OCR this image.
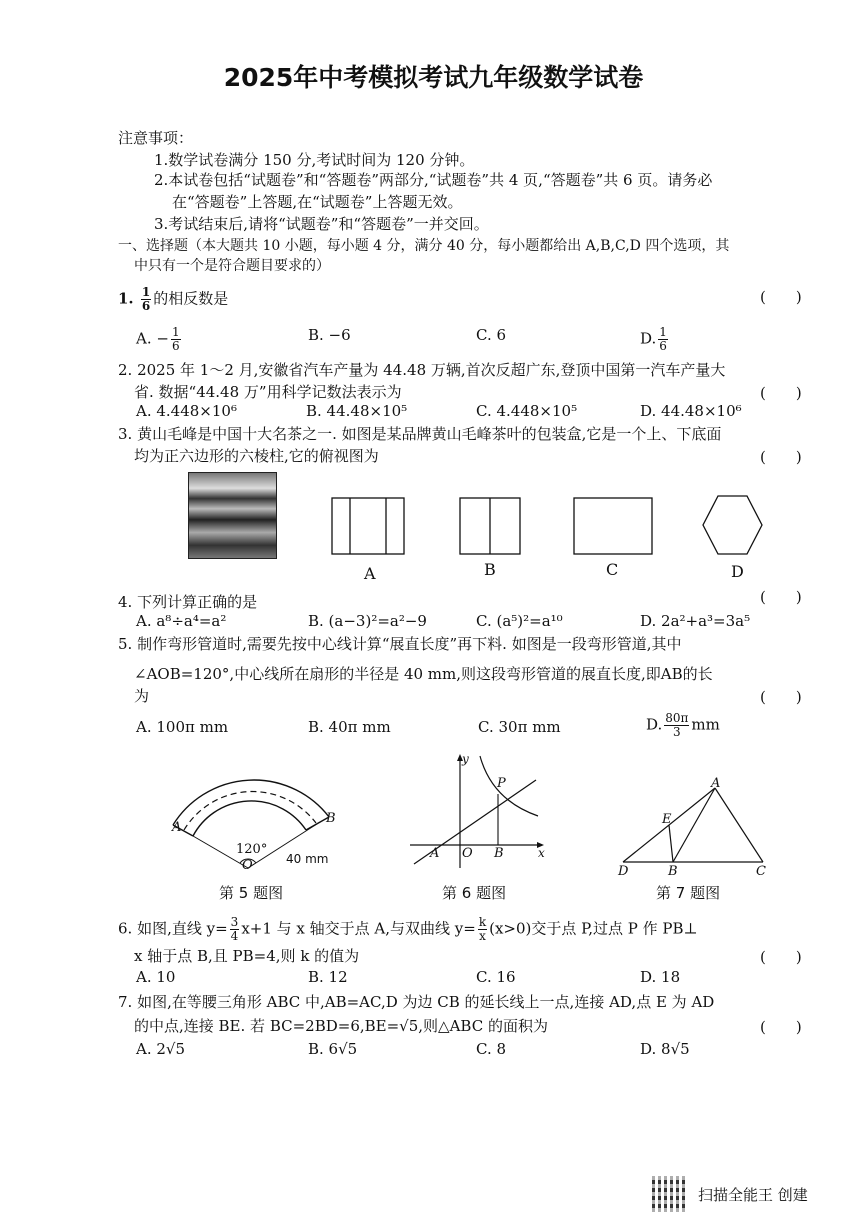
2025年中考模拟考试九年级数学试卷
注意事项：
1.数学试卷满分 150 分,考试时间为 120 分钟。
2.本试卷包括“试题卷”和“答题卷”两部分,“试题卷”共 4 页,“答题卷”共 6 页。请务必
在“答题卷”上答题,在“试题卷”上答题无效。
3.考试结束后,请将“试题卷”和“答题卷”一并交回。
一、选择题（本大题共 10 小题，每小题 4 分，满分 40 分，每小题都给出 A,B,C,D 四个选项，其
中只有一个是符合题目要求的）
1. $\frac{1}{6}$ 的相反数是	(　　)
A. − $\frac{1}{6}$	B. −6	C. 6	D. $\frac{1}{6}$
2. 2025 年 1～2 月,安徽省汽车产量为 44.48 万辆,首次反超广东,登顶中国第一汽车产量大
省. 数据“44.48 万”用科学记数法表示为	(　　)
A. 4.448×10⁶	B. 44.48×10⁵	C. 4.448×10⁵	D. 44.48×10⁶
3. 黄山毛峰是中国十大名茶之一. 如图是某品牌黄山毛峰茶叶的包装盒,它是一个上、下底面
均为正六边形的六棱柱,它的俯视图为	(　　)
A	B	C	D
4. 下列计算正确的是	(　　)
A. a⁸÷a⁴=a²	B. (a−3)²=a²−9	C. (a⁵)²=a¹⁰	D. 2a²+a³=3a⁵
5. 制作弯形管道时,需要先按中心线计算“展直长度”再下料. 如图是一段弯形管道,其中
∠AOB=120°,中心线所在扇形的半径是 40 mm,则这段弯形管道的展直长度,即AB的长
为	(　　)
A. 100π mm	B. 40π mm	C. 30π mm	D. $\frac{80\pi}{3}$ mm
A
B
O
120°
40 mm
第 5 题图
y
x
P
A O B
第 6 题图
A
E
B	C
D
第 7 题图
6. 如图,直线 $y= \frac{3}{4} x+1$ 与 x 轴交于点 A,与双曲线 $y= \frac{k}{x} (x>0)$交于点 P,过点 P 作 PB⊥
x 轴于点 B,且 PB=4,则 k 的值为	(　　)
A. 10	B. 12	C. 16	D. 18
7. 如图,在等腰三角形 ABC 中,AB=AC,D 为边 CB 的延长线上一点,连接 AD,点 E 为 AD
的中点,连接 BE. 若 BC=2BD=6,BE=√5,则△ABC 的面积为	(　　)
A. 2√5	B. 6√5	C. 8	D. 8√5
扫描全能王 创建
